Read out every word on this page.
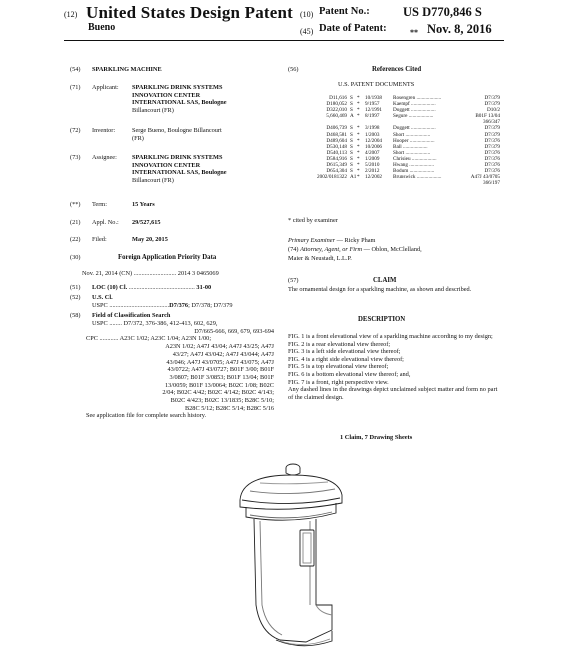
(12) United States Design Patent
Bueno
(10) Patent No.:	US D770,846 S
(45) Date of Patent:	** Nov. 8, 2016
(54) SPARKLING MACHINE
(71) Applicant: SPARKLING DRINK SYSTEMS
INNOVATION CENTER
INTERNATIONAL SAS, Boulogne
Billancourt (FR)
(72) Inventor:	Serge Bueno, Boulogne Billancourt
(FR)
(73) Assignee: SPARKLING DRINK SYSTEMS
INNOVATION CENTER
INTERNATIONAL SAS, Boulogne
Billancourt (FR)
(**) Term:	15 Years
(21) Appl. No.: 29/527,615
(22) Filed:	May 20, 2015
(30)	Foreign Application Priority Data
Nov. 21, 2014 (CN) ........................... 2014 3 0465069
(51) LOC (10) Cl. .......................................... 31-00
(52) U.S. Cl.
USPC ......................................D7/376; D7/378; D7/379
(58) Field of Classification Search
USPC ........ D7/372, 376-386, 412-413, 602, 629,
D7/665-666, 669, 679, 693-694
CPC ............ A23C 1/02; A23C 1/04; A23N 1/00;
A23N 1/02; A47J 43/04; A47J 43/25; A47J
43/27; A47J 43/042; A47J 43/044; A47J
43/046; A47J 43/0705; A47J 43/075; A47J
43/0722; A47J 43/0727; B01F 3/00; B01F
3/0807; B01F 3/0853; B01F 13/04; B01F
13/0059; B01F 13/0064; B02C 1/08; B02C
2/04; B02C 4/42; B02C 4/142; B02C 4/143;
B02C 4/423; B02C 13/1835; B28C 5/10;
B28C 5/12; B28C 5/14; B28C 5/16
See application file for complete search history.
(56)	References Cited
U.S. PATENT DOCUMENTS
D11,616 S *	10/1938	Rosengren ...................	D7/379
D180,052 S *	9/1957	Kaempf ...................	D7/379
D322,010 S *	12/1991	Doggett ...................	D10/2
5,660,469 A *	8/1997	Segure ...................	B01F 13/04
366/347
D406,739 S *	3/1998	Doggett ...................	D7/379
D468,581 S *	1/2003	Short ...................	D7/379
D489,604 S *	12/2004	Hooper ...................	D7/376
D530,148 S *	10/2006	Ball ...................	D7/379
D540,113 S *	4/2007	Short ...................	D7/376
D584,916 S *	1/2009	Chrisieu ...................	D7/376
D615,349 S *	5/2010	Hwang ...................	D7/376
D654,304 S *	2/2012	Bodum ...................	D7/376
2002/0181322 A1 *	12/2002	Brunswick ...................	A47J 43/0705
366/197
* cited by examiner
Primary Examiner — Ricky Pham
(74) Attorney, Agent, or Firm — Oblon, McClelland,
Maier & Neustadt, L.L.P.
(57)	CLAIM
The ornamental design for a sparkling machine, as shown and described.
DESCRIPTION
FIG. 1 is a front elevational view of a sparkling machine according to my design;
FIG. 2 is a rear elevational view thereof;
FIG. 3 is a left side elevational view thereof;
FIG. 4 is a right side elevational view thereof;
FIG. 5 is a top elevational view thereof;
FIG. 6 is a bottom elevational view thereof; and,
FIG. 7 is a front, right perspective view.
Any dashed lines in the drawings depict unclaimed subject matter and form no part of the claimed design.
1 Claim, 7 Drawing Sheets
